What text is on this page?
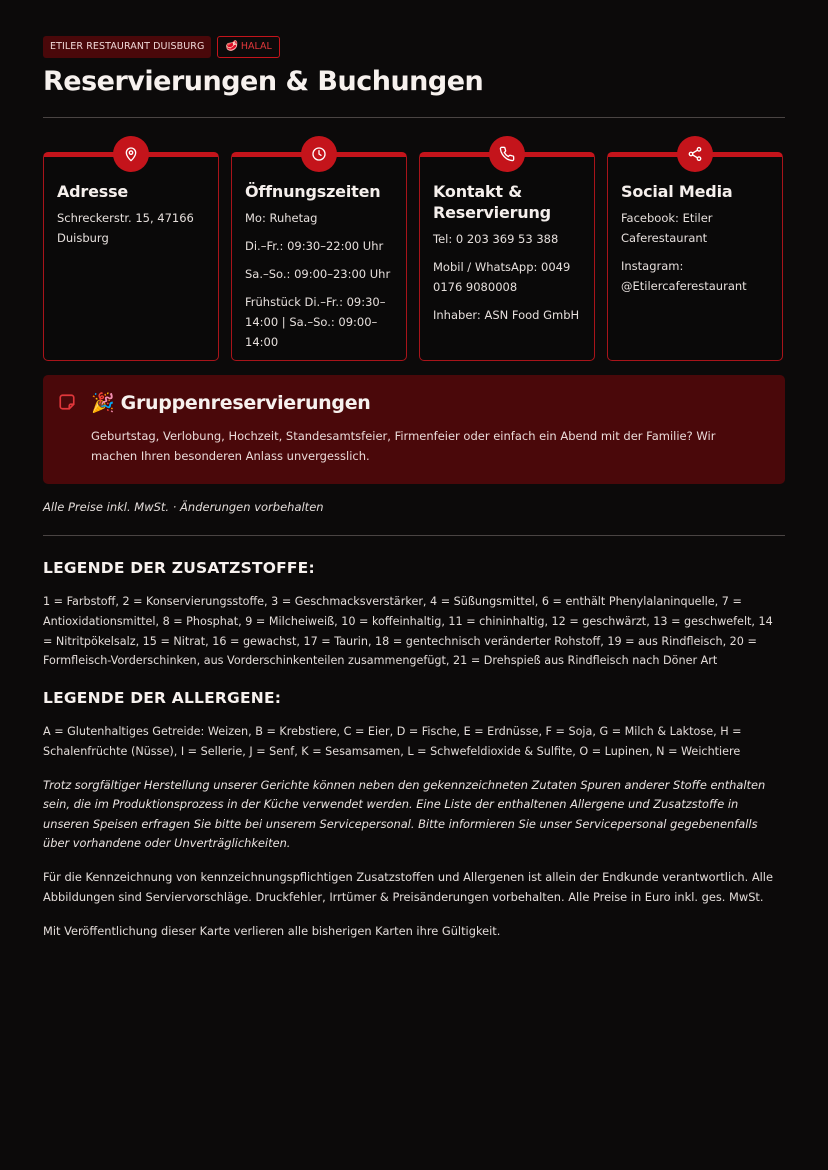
ETILER RESTAURANT DUISBURG	🥩 HALAL
Reservierungen & Buchungen
Adresse

Schreckerstr. 15, 47166 Duisburg

Öffnungszeiten

Mo: Ruhetag

Di.–Fr.: 09:30–22:00 Uhr

Sa.–So.: 09:00–23:00 Uhr

Frühstück Di.–Fr.: 09:30–14:00 | Sa.–So.: 09:00–14:00

Kontakt & Reservierung

Tel: 0 203 369 53 388

Mobil / WhatsApp: 0049 0176 9080008

Inhaber: ASN Food GmbH

Social Media

Facebook: Etiler Caferestaurant

Instagram: @Etilercaferestaurant

🎉 Gruppenreservierungen

Geburtstag, Verlobung, Hochzeit, Standesamtsfeier, Firmenfeier oder einfach ein Abend mit der Familie? Wir machen Ihren besonderen Anlass unvergesslich.

Alle Preise inkl. MwSt. · Änderungen vorbehalten
LEGENDE DER ZUSATZSTOFFE:

1 = Farbstoff, 2 = Konservierungsstoffe, 3 = Geschmacksverstärker, 4 = Süßungsmittel, 6 = enthält Phenylalaninquelle, 7 = Antioxidationsmittel, 8 = Phosphat, 9 = Milcheiweiß, 10 = koffeinhaltig, 11 = chininhaltig, 12 = geschwärzt, 13 = geschwefelt, 14 = Nitritpökelsalz, 15 = Nitrat, 16 = gewachst, 17 = Taurin, 18 = gentechnisch veränderter Rohstoff, 19 = aus Rindfleisch, 20 = Formfleisch-Vorderschinken, aus Vorderschinkenteilen zusammengefügt, 21 = Drehspieß aus Rindfleisch nach Döner Art

LEGENDE DER ALLERGENE:

A = Glutenhaltiges Getreide: Weizen, B = Krebstiere, C = Eier, D = Fische, E = Erdnüsse, F = Soja, G = Milch & Laktose, H = Schalenfrüchte (Nüsse), I = Sellerie, J = Senf, K = Sesamsamen, L = Schwefeldioxide & Sulfite, O = Lupinen, N = Weichtiere

Trotz sorgfältiger Herstellung unserer Gerichte können neben den gekennzeichneten Zutaten Spuren anderer Stoffe enthalten sein, die im Produktionsprozess in der Küche verwendet werden. Eine Liste der enthaltenen Allergene und Zusatzstoffe in unseren Speisen erfragen Sie bitte bei unserem Servicepersonal. Bitte informieren Sie unser Servicepersonal gegebenenfalls über vorhandene oder Unverträglichkeiten.

Für die Kennzeichnung von kennzeichnungspflichtigen Zusatzstoffen und Allergenen ist allein der Endkunde verantwortlich. Alle Abbildungen sind Serviervorschläge. Druckfehler, Irrtümer & Preisänderungen vorbehalten. Alle Preise in Euro inkl. ges. MwSt.

Mit Veröffentlichung dieser Karte verlieren alle bisherigen Karten ihre Gültigkeit.
